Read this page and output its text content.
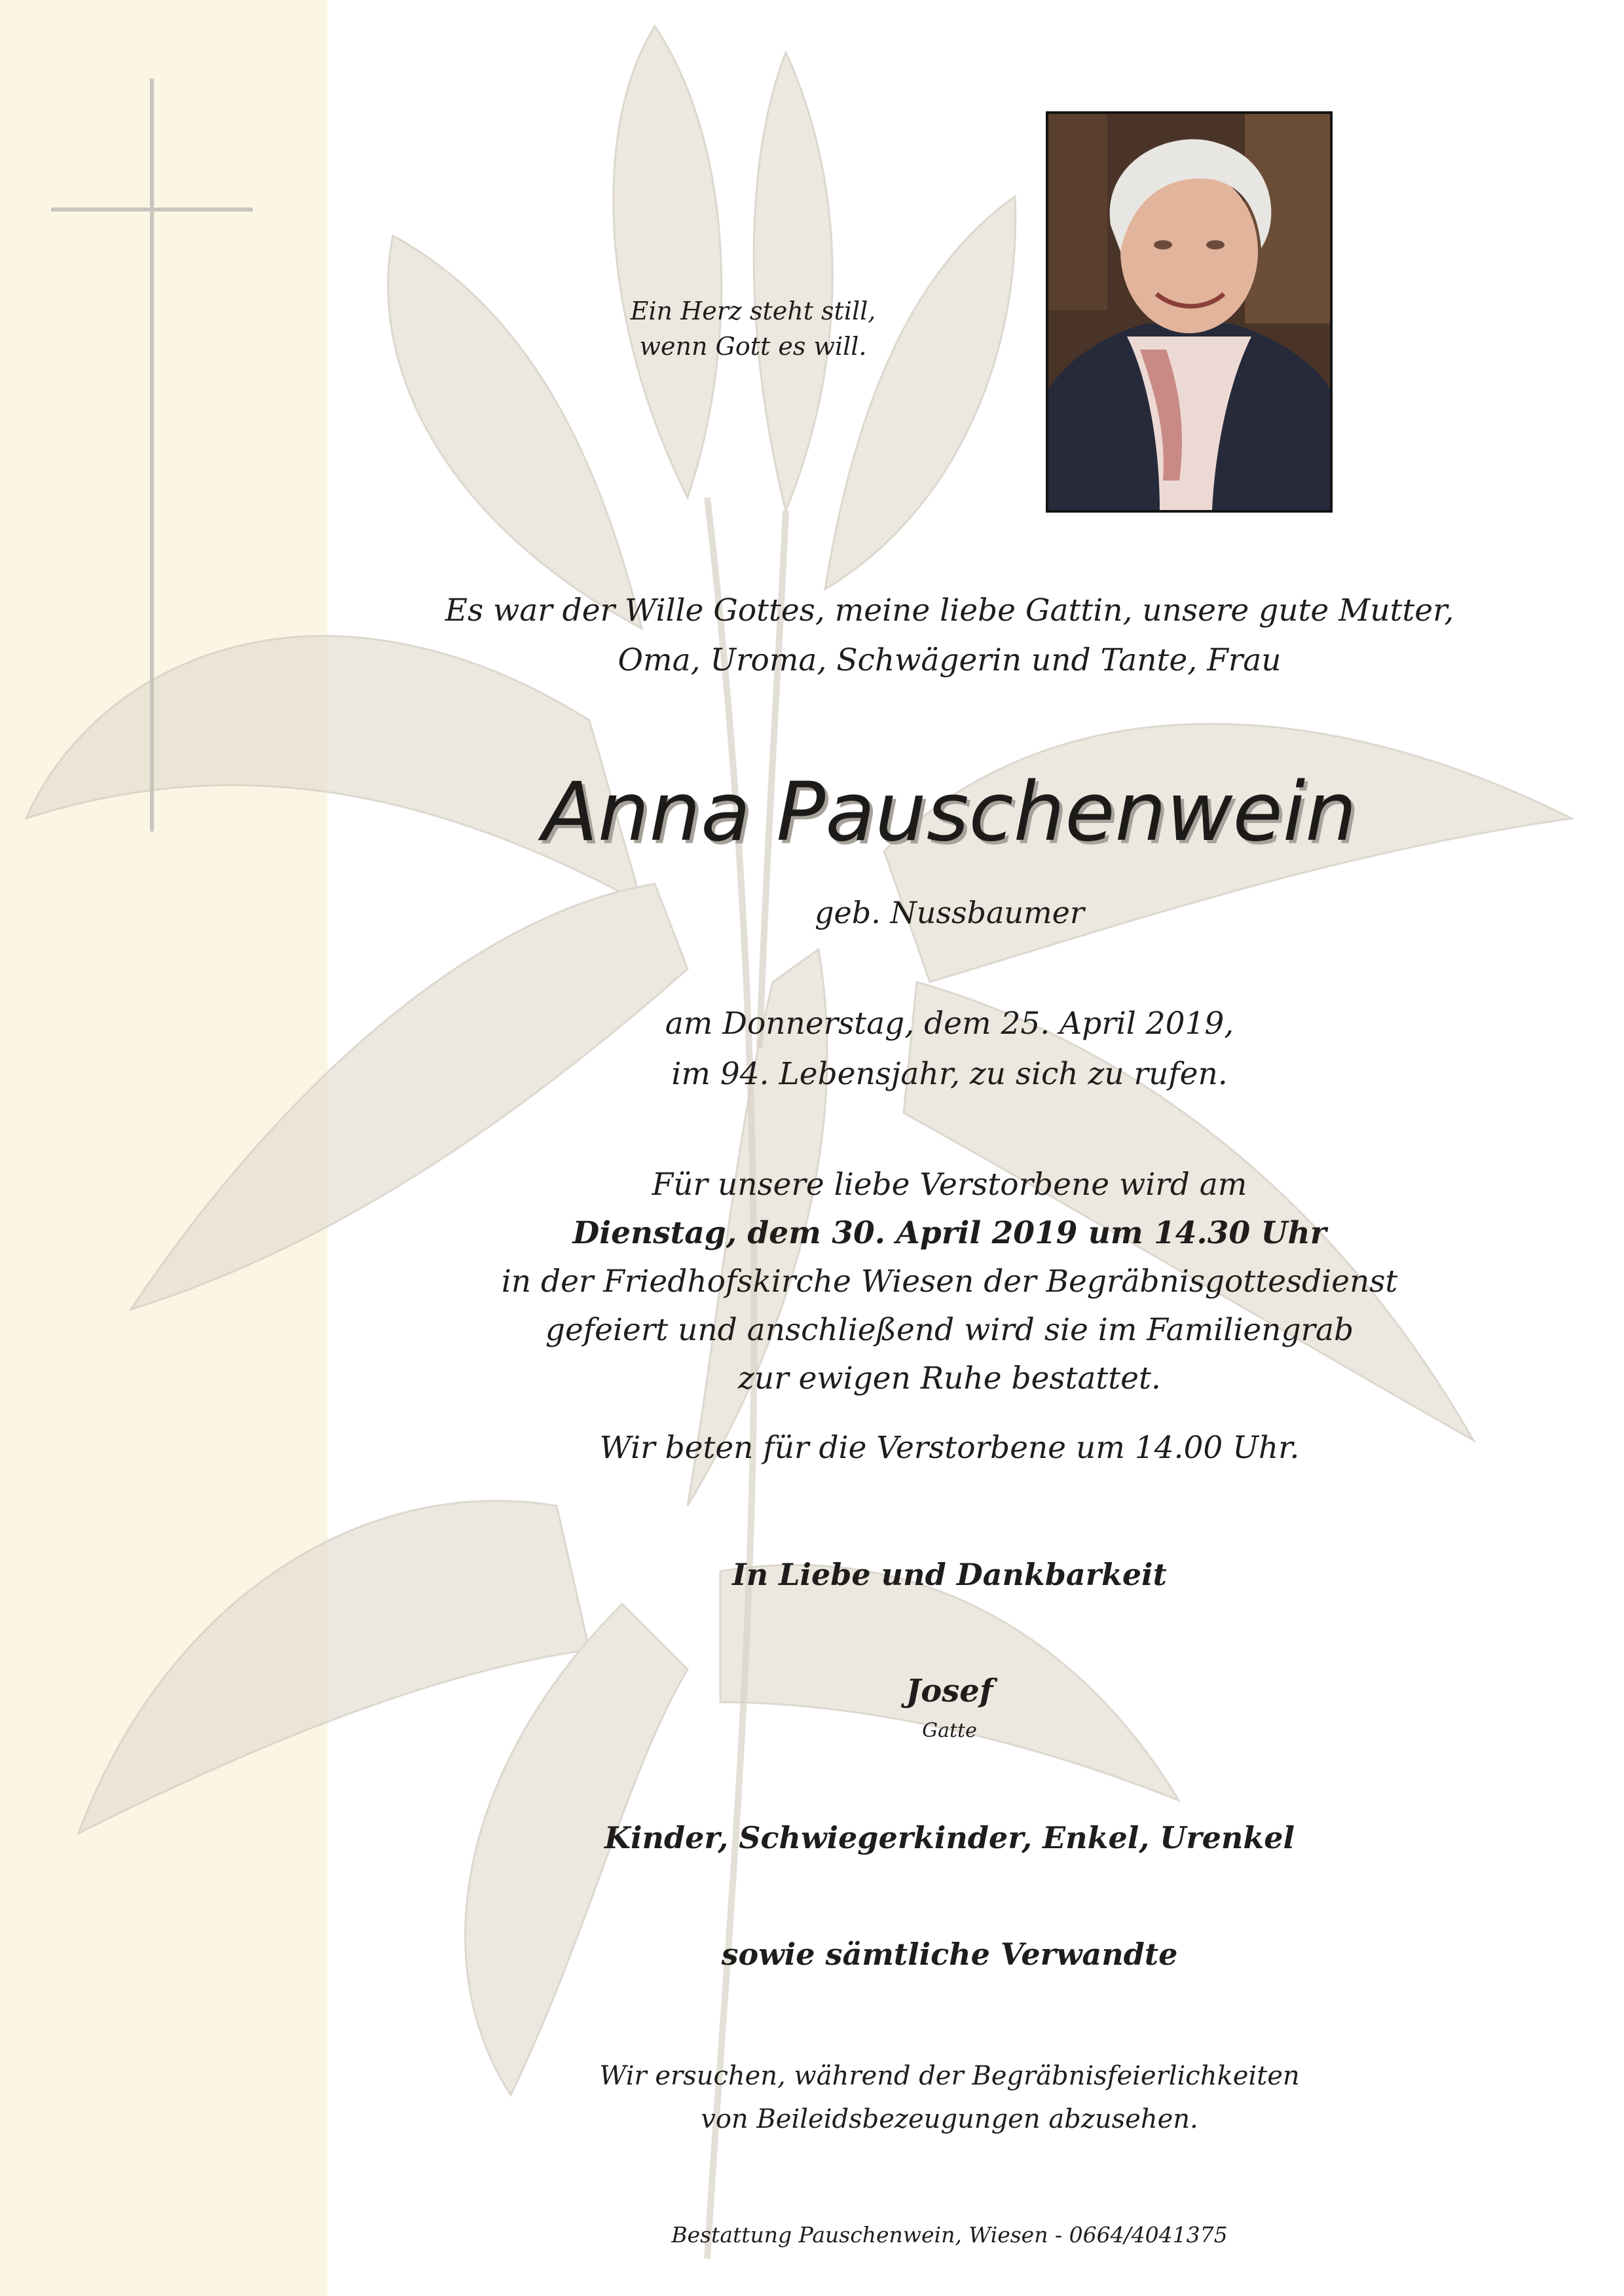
Ein Herz steht still,
wenn Gott es will.
Es war der Wille Gottes, meine liebe Gattin, unsere gute Mutter,
Oma, Uroma, Schwägerin und Tante, Frau
Anna Pauschenwein
geb. Nussbaumer
am Donnerstag, dem 25. April 2019,
im 94. Lebensjahr, zu sich zu rufen.
Für unsere liebe Verstorbene wird am
Dienstag, dem 30. April 2019 um 14.30 Uhr
in der Friedhofskirche Wiesen der Begräbnisgottesdienst
gefeiert und anschließend wird sie im Familiengrab
zur ewigen Ruhe bestattet.
Wir beten für die Verstorbene um 14.00 Uhr.
In Liebe und Dankbarkeit
Josef
Gatte
Kinder, Schwiegerkinder, Enkel, Urenkel
sowie sämtliche Verwandte
Wir ersuchen, während der Begräbnisfeierlichkeiten
von Beileidsbezeugungen abzusehen.
Bestattung Pauschenwein, Wiesen - 0664/4041375
